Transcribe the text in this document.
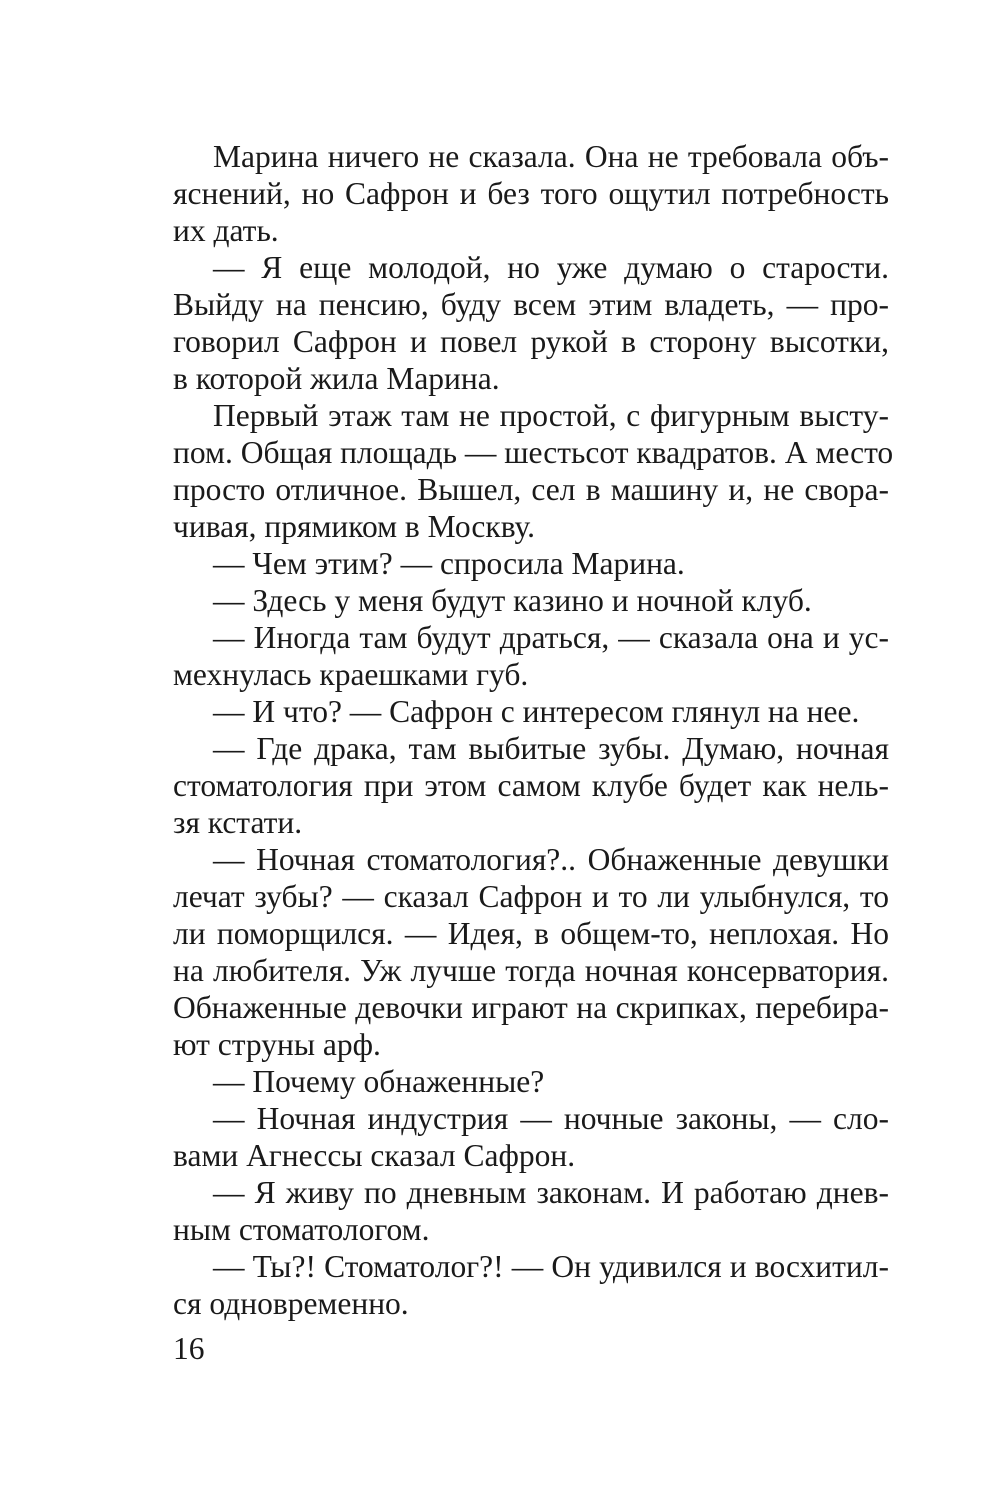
Марина ничего не сказала. Она не требовала объ-
яснений, но Сафрон и без того ощутил потребность
их дать.
— Я еще молодой, но уже думаю о старости.
Выйду на пенсию, буду всем этим владеть, — про-
говорил Сафрон и повел рукой в сторону высотки,
в которой жила Марина.
Первый этаж там не простой, с фигурным высту-
пом. Общая площадь — шестьсот квадратов. А место
просто отличное. Вышел, сел в машину и, не свора-
чивая, прямиком в Москву.
— Чем этим? — спросила Марина.
— Здесь у меня будут казино и ночной клуб.
— Иногда там будут драться, — сказала она и ус-
мехнулась краешками губ.
— И что? — Сафрон с интересом глянул на нее.
— Где драка, там выбитые зубы. Думаю, ночная
стоматология при этом самом клубе будет как нель-
зя кстати.
— Ночная стоматология?.. Обнаженные девушки
лечат зубы? — сказал Сафрон и то ли улыбнулся, то
ли поморщился. — Идея, в общем-то, неплохая. Но
на любителя. Уж лучше тогда ночная консерватория.
Обнаженные девочки играют на скрипках, перебира-
ют струны арф.
— Почему обнаженные?
— Ночная индустрия — ночные законы, — сло-
вами Агнессы сказал Сафрон.
— Я живу по дневным законам. И работаю днев-
ным стоматологом.
— Ты?! Стоматолог?! — Он удивился и восхитил-
ся одновременно.
16
